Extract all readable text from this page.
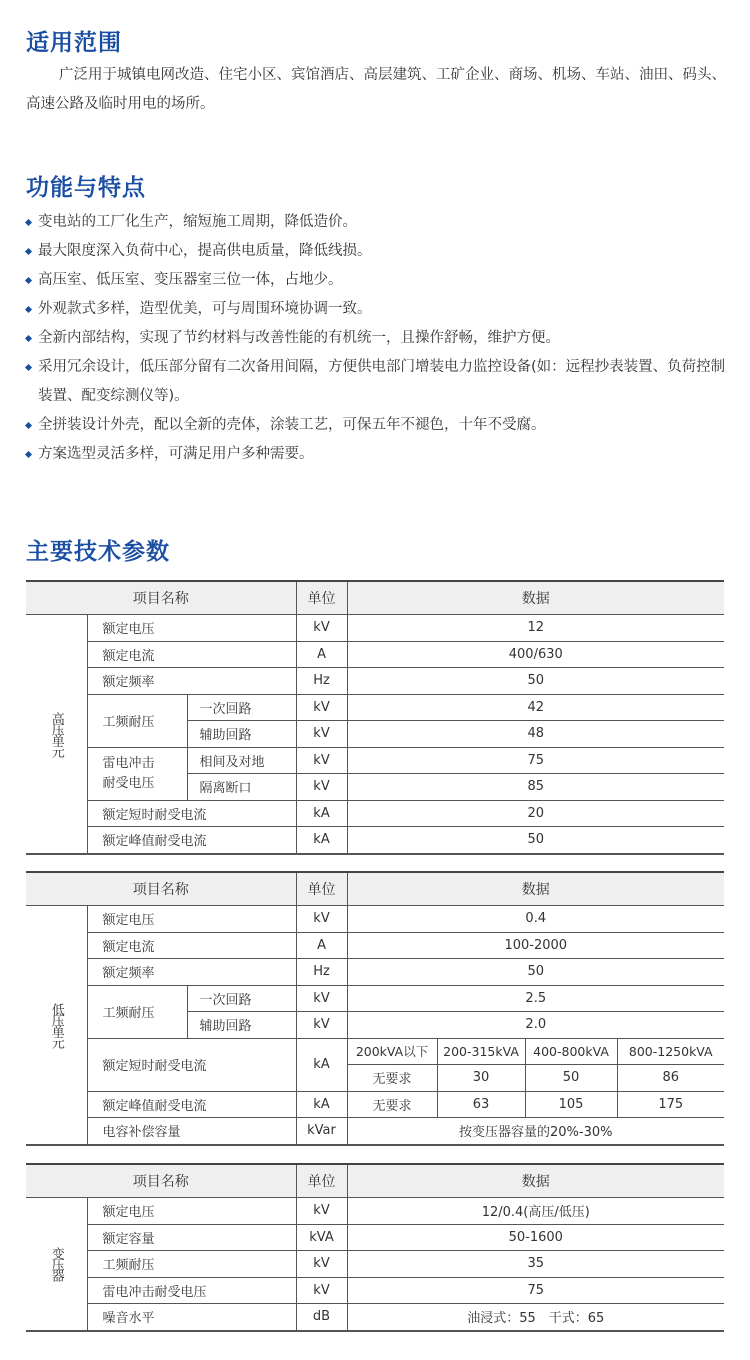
适用范围

广泛用于城镇电网改造、住宅小区、宾馆酒店、高层建筑、工矿企业、商场、机场、车站、油田、码头、高速公路及临时用电的场所。

功能与特点
变电站的工厂化生产，缩短施工周期，降低造价。
最大限度深入负荷中心，提高供电质量，降低线损。
高压室、低压室、变压器室三位一体，占地少。
外观款式多样，造型优美，可与周围环境协调一致。
全新内部结构，实现了节约材料与改善性能的有机统一，且操作舒畅，维护方便。
采用冗余设计，低压部分留有二次备用间隔，方便供电部门增装电力监控设备(如：远程抄表装置、负荷控制装置、配变综测仪等)。
全拼装设计外壳，配以全新的壳体，涂装工艺，可保五年不褪色，十年不受腐。
方案选型灵活多样，可满足用户多种需要。
主要技术参数
项目名称			单位	数据
高压单元	额定电压		kV	12
	额定电流		A	400/630
	额定频率		Hz	50
	工频耐压	一次回路	kV	42
		辅助回路	kV	48
	雷电冲击
耐受电压	相间及对地	kV	75
		隔离断口	kV	85
	额定短时耐受电流		kA	20
	额定峰值耐受电流		kA	50
项目名称			单位	数据			
低压单元	额定电压		kV	0.4			
	额定电流		A	100-2000			
	额定频率		Hz	50			
	工频耐压	一次回路	kV	2.5			
		辅助回路	kV	2.0			
	额定短时耐受电流		kA	200kVA以下	200-315kVA	400-800kVA	800-1250kVA
				无要求	30	50	86
	额定峰值耐受电流		kA	无要求	63	105	175
	电容补偿容量		kVar	按变压器容量的20%-30%			
项目名称		单位	数据
变压器	额定电压	kV	12/0.4(高压/低压)
	额定容量	kVA	50-1600
	工频耐压	kV	35
	雷电冲击耐受电压	kV	75
	噪音水平	dB	油浸式：55　干式：65
